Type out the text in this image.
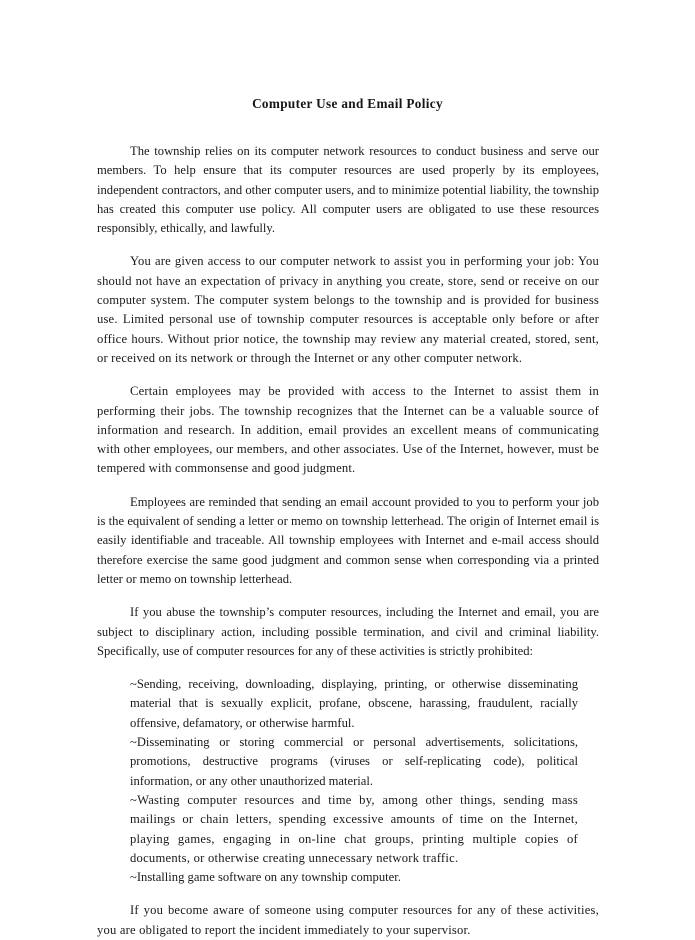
Computer Use and Email Policy

The township relies on its computer network resources to conduct business and serve our members. To help ensure that its computer resources are used properly by its employees, independent contractors, and other computer users, and to minimize potential liability, the township has created this computer use policy. All computer users are obligated to use these resources responsibly, ethically, and lawfully.

You are given access to our computer network to assist you in performing your job: You should not have an expectation of privacy in anything you create, store, send or receive on our computer system. The computer system belongs to the township and is provided for business use. Limited personal use of township computer resources is acceptable only before or after office hours. Without prior notice, the township may review any material created, stored, sent, or received on its network or through the Internet or any other computer network.

Certain employees may be provided with access to the Internet to assist them in performing their jobs. The township recognizes that the Internet can be a valuable source of information and research. In addition, email provides an excellent means of communicating with other employees, our members, and other associates. Use of the Internet, however, must be tempered with commonsense and good judgment.

Employees are reminded that sending an email account provided to you to perform your job is the equivalent of sending a letter or memo on township letterhead. The origin of Internet email is easily identifiable and traceable. All township employees with Internet and e-mail access should therefore exercise the same good judgment and common sense when corresponding via a printed letter or memo on township letterhead.

If you abuse the township’s computer resources, including the Internet and email, you are subject to disciplinary action, including possible termination, and civil and criminal liability. Specifically, use of computer resources for any of these activities is strictly prohibited:

~Sending, receiving, downloading, displaying, printing, or otherwise disseminating material that is sexually explicit, profane, obscene, harassing, fraudulent, racially offensive, defamatory, or otherwise harmful.

~Disseminating or storing commercial or personal advertisements, solicitations, promotions, destructive programs (viruses or self-replicating code), political information, or any other unauthorized material.

~Wasting computer resources and time by, among other things, sending mass mailings or chain letters, spending excessive amounts of time on the Internet, playing games, engaging in on-line chat groups, printing multiple copies of documents, or otherwise creating unnecessary network traffic.

~Installing game software on any township computer.

If you become aware of someone using computer resources for any of these activities, you are obligated to report the incident immediately to your supervisor.
